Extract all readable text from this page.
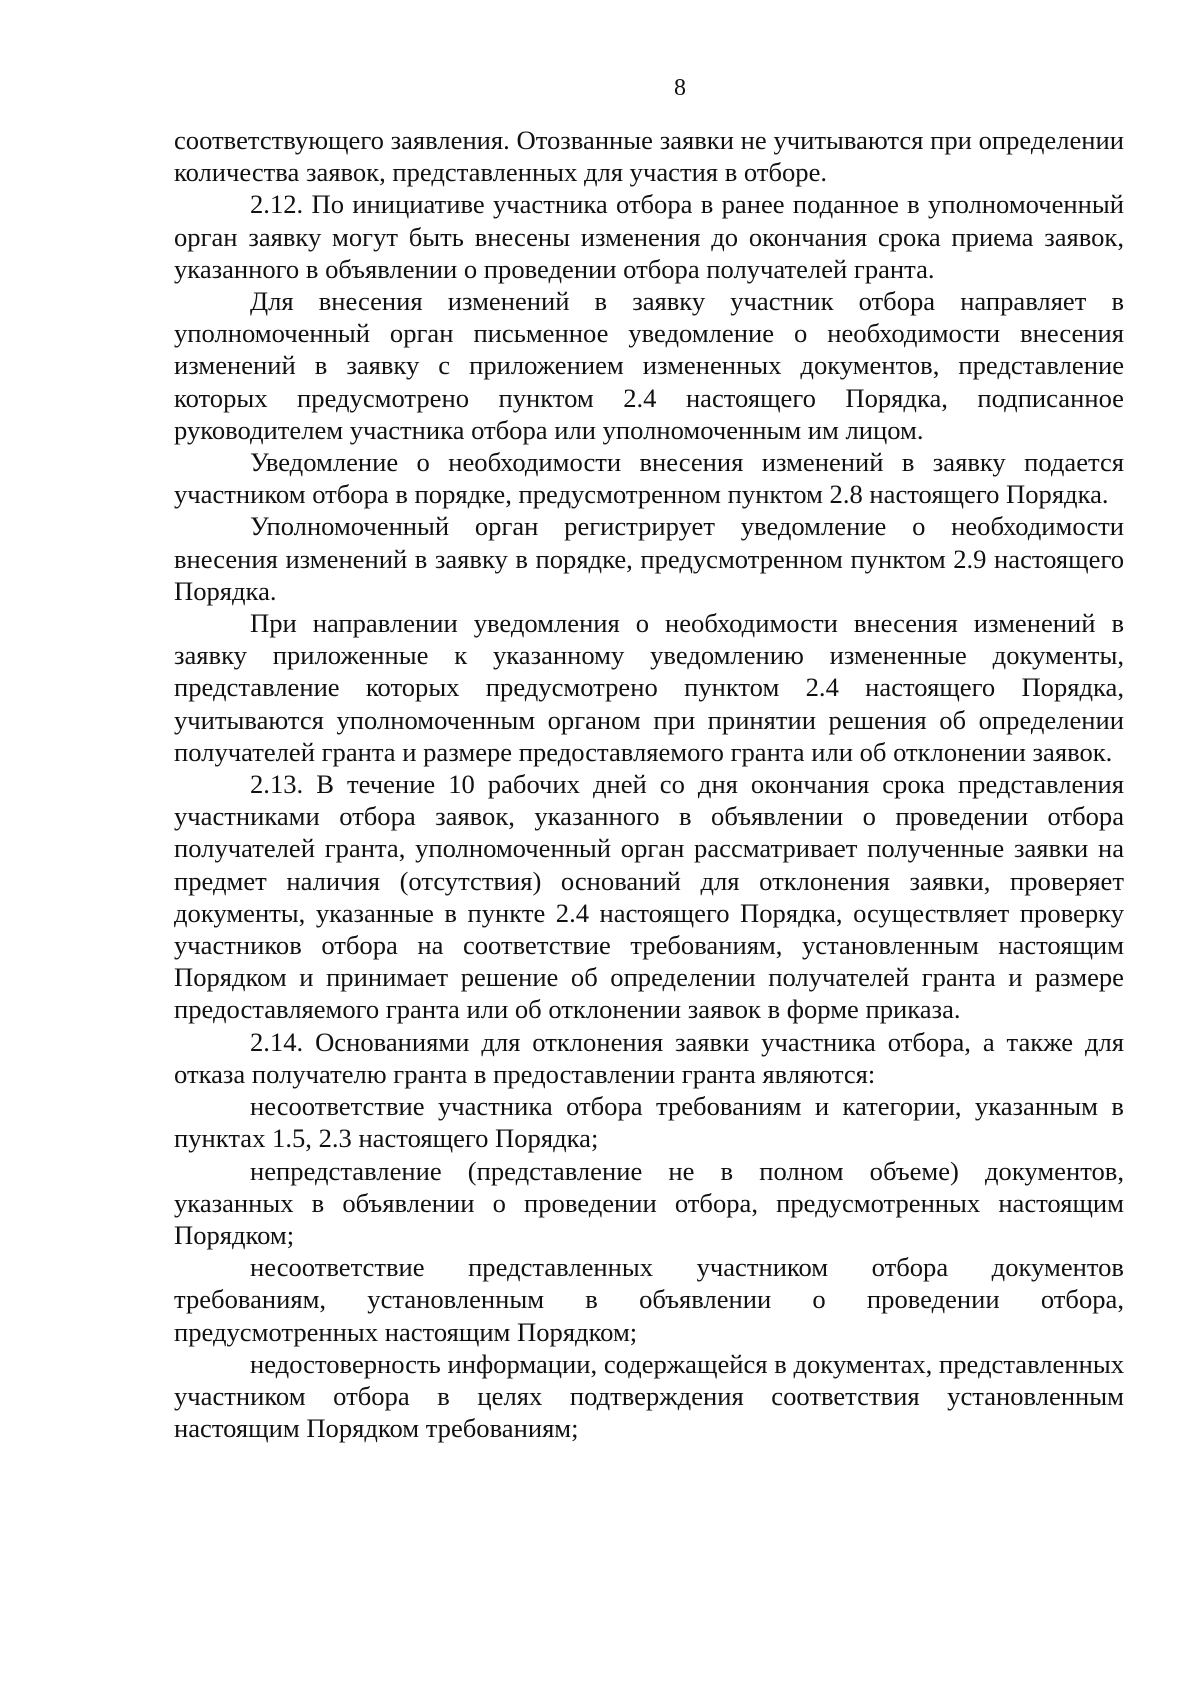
8

соответствующего заявления. Отозванные заявки не учитываются при определении количества заявок, представленных для участия в отборе.

2.12. По инициативе участника отбора в ранее поданное в уполномоченный орган заявку могут быть внесены изменения до окончания срока приема заявок, указанного в объявлении о проведении отбора получателей гранта.

Для внесения изменений в заявку участник отбора направляет в уполномоченный орган письменное уведомление о необходимости внесения изменений в заявку с приложением измененных документов, представление которых предусмотрено пунктом 2.4 настоящего Порядка, подписанное руководителем участника отбора или уполномоченным им лицом.

Уведомление о необходимости внесения изменений в заявку подается участником отбора в порядке, предусмотренном пунктом 2.8 настоящего Порядка.

Уполномоченный орган регистрирует уведомление о необходимости внесения изменений в заявку в порядке, предусмотренном пунктом 2.9 настоящего Порядка.

При направлении уведомления о необходимости внесения изменений в заявку приложенные к указанному уведомлению измененные документы, представление которых предусмотрено пунктом 2.4 настоящего Порядка, учитываются уполномоченным органом при принятии решения об определении получателей гранта и размере предоставляемого гранта или об отклонении заявок.

2.13. В течение 10 рабочих дней со дня окончания срока представления участниками отбора заявок, указанного в объявлении о проведении отбора получателей гранта, уполномоченный орган рассматривает полученные заявки на предмет наличия (отсутствия) оснований для отклонения заявки, проверяет документы, указанные в пункте 2.4 настоящего Порядка, осуществляет проверку участников отбора на соответствие требованиям, установленным настоящим Порядком и принимает решение об определении получателей гранта и размере предоставляемого гранта или об отклонении заявок в форме приказа.

2.14. Основаниями для отклонения заявки участника отбора, а также для отказа получателю гранта в предоставлении гранта являются:

несоответствие участника отбора требованиям и категории, указанным в пунктах 1.5, 2.3 настоящего Порядка;

непредставление (представление не в полном объеме) документов, указанных в объявлении о проведении отбора, предусмотренных настоящим Порядком;

несоответствие представленных участником отбора документов требованиям, установленным в объявлении о проведении отбора, предусмотренных настоящим Порядком;

недостоверность информации, содержащейся в документах, представленных участником отбора в целях подтверждения соответствия установленным настоящим Порядком требованиям;
